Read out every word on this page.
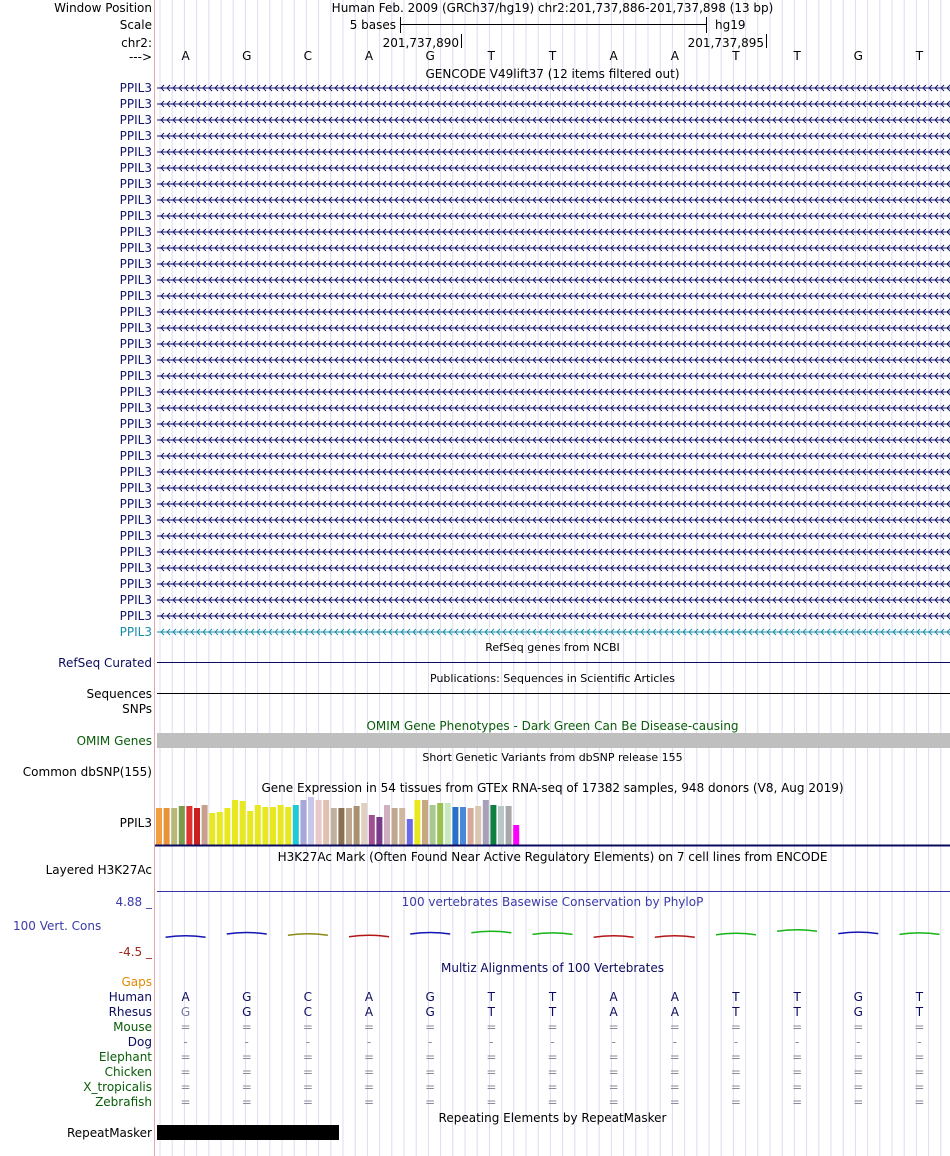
Window Position	Human Feb. 2009 (GRCh37/hg19) chr2:201,737,886-201,737,898 (13 bp)
Scale	5 bases	hg19
chr2:	201,737,890	201,737,895
--->	A	G	C	A	G	T	T	A	A	T	T	G	T
GENCODE V49lift37 (12 items filtered out)
PPIL3
PPIL3
PPIL3
PPIL3
PPIL3
PPIL3
PPIL3
PPIL3
PPIL3
PPIL3
PPIL3
PPIL3
PPIL3
PPIL3
PPIL3
PPIL3
PPIL3
PPIL3
PPIL3
PPIL3
PPIL3
PPIL3
PPIL3
PPIL3
PPIL3
PPIL3
PPIL3
PPIL3
PPIL3
PPIL3
PPIL3
PPIL3
PPIL3
PPIL3
PPIL3
RefSeq genes from NCBI
RefSeq Curated
Publications: Sequences in Scientific Articles
Sequences
SNPs
OMIM Gene Phenotypes - Dark Green Can Be Disease-causing
OMIM Genes
Short Genetic Variants from dbSNP release 155
Common dbSNP(155)
Gene Expression in 54 tissues from GTEx RNA-seq of 17382 samples, 948 donors (V8, Aug 2019)
PPIL3
H3K27Ac Mark (Often Found Near Active Regulatory Elements) on 7 cell lines from ENCODE
Layered H3K27Ac
100 vertebrates Basewise Conservation by PhyloP
4.88 _
100 Vert. Cons
-4.5 _
Multiz Alignments of 100 Vertebrates
Gaps
Human	A	G	C	A	G	T	T	A	A	T	T	G	T
Rhesus	G	G	C	A	G	T	T	A	A	T	T	G	T
Mouse	=	=	=	=	=	=	=	=	=	=	=	=	=
Dog	-	-	-	-	-	-	-	-	-	-	-	-	-
Elephant	=	=	=	=	=	=	=	=	=	=	=	=	=
Chicken	=	=	=	=	=	=	=	=	=	=	=	=	=
X_tropicalis	=	=	=	=	=	=	=	=	=	=	=	=	=
Zebrafish	=	=	=	=	=	=	=	=	=	=	=	=	=
Repeating Elements by RepeatMasker
RepeatMasker
